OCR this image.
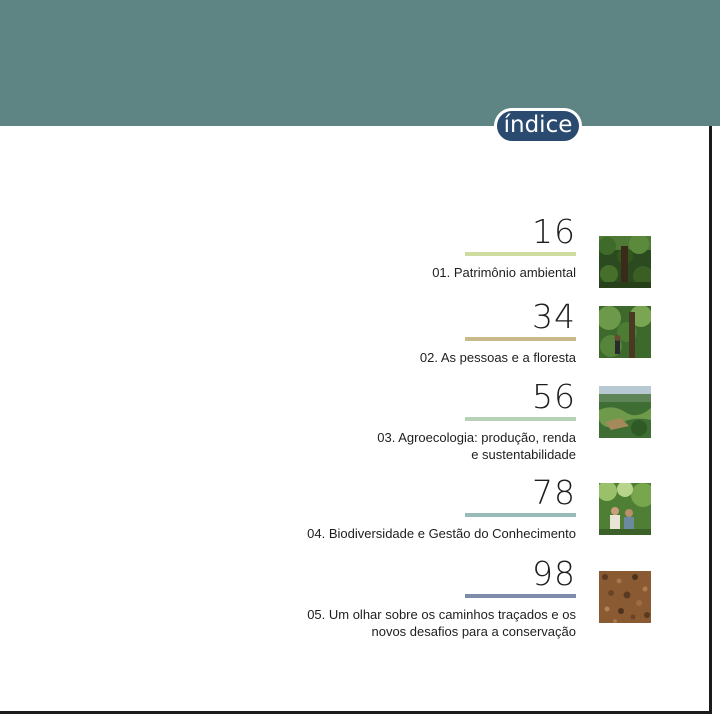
índice
16
01. Patrimônio ambiental
34
02. As pessoas e a floresta
56
03. Agroecologia: produção, renda
e sustentabilidade
78
04. Biodiversidade e Gestão do Conhecimento
98
05. Um olhar sobre os caminhos traçados e os
novos desafios para a conservação
